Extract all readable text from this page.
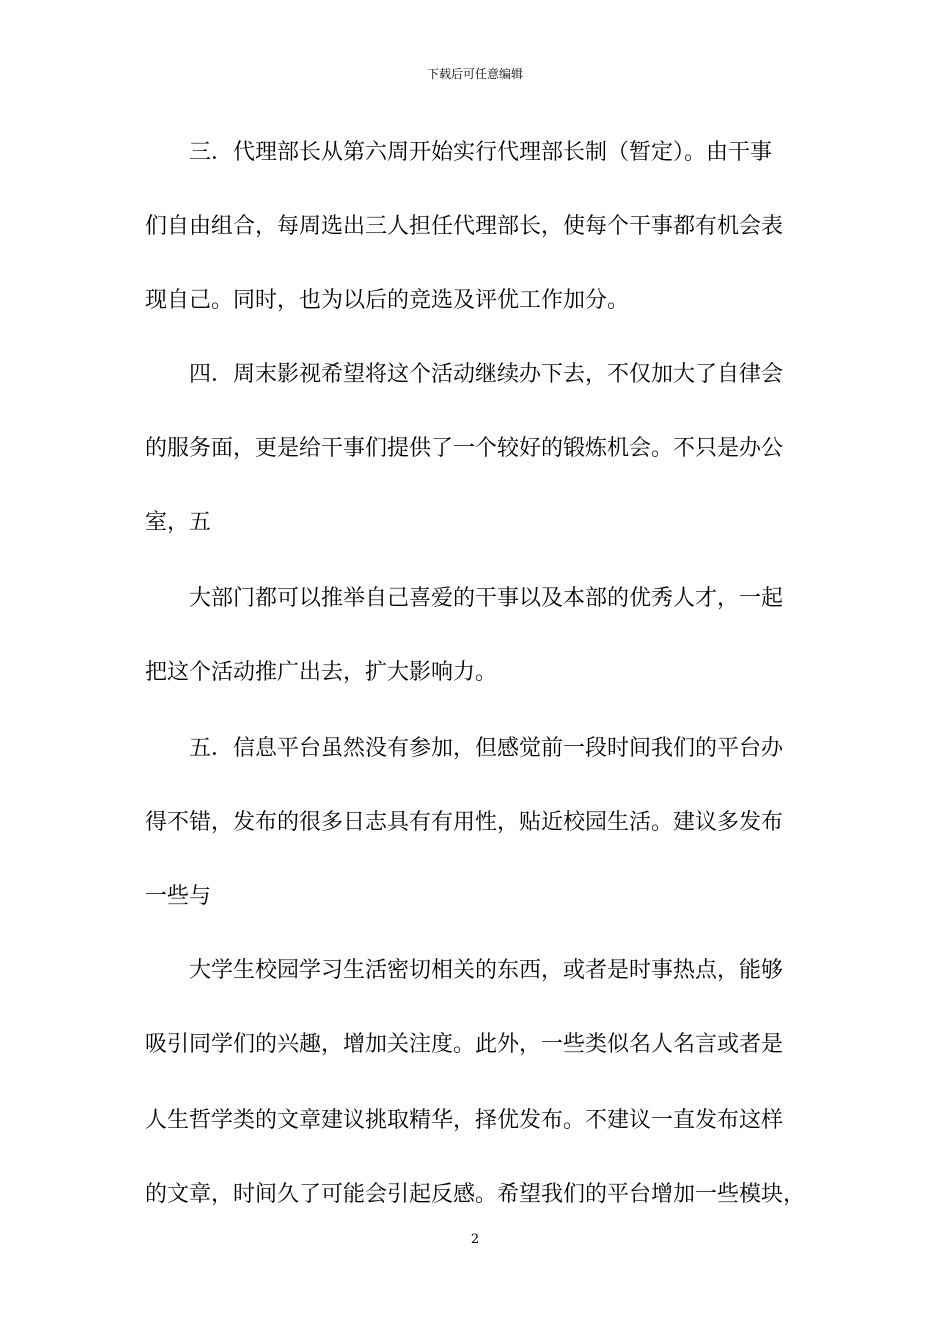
下载后可任意编辑
三．代理部长从第六周开始实行代理部长制（暂定）。由干事
们自由组合，每周选出三人担任代理部长，使每个干事都有机会表
现自己。同时，也为以后的竞选及评优工作加分。
四．周末影视希望将这个活动继续办下去，不仅加大了自律会
的服务面，更是给干事们提供了一个较好的锻炼机会。不只是办公
室，五
大部门都可以推举自己喜爱的干事以及本部的优秀人才，一起
把这个活动推广出去，扩大影响力。
五．信息平台虽然没有参加，但感觉前一段时间我们的平台办
得不错，发布的很多日志具有有用性，贴近校园生活。建议多发布
一些与
大学生校园学习生活密切相关的东西，或者是时事热点，能够
吸引同学们的兴趣，增加关注度。此外，一些类似名人名言或者是
人生哲学类的文章建议挑取精华，择优发布。不建议一直发布这样
的文章，时间久了可能会引起反感。希望我们的平台增加一些模块，
2
